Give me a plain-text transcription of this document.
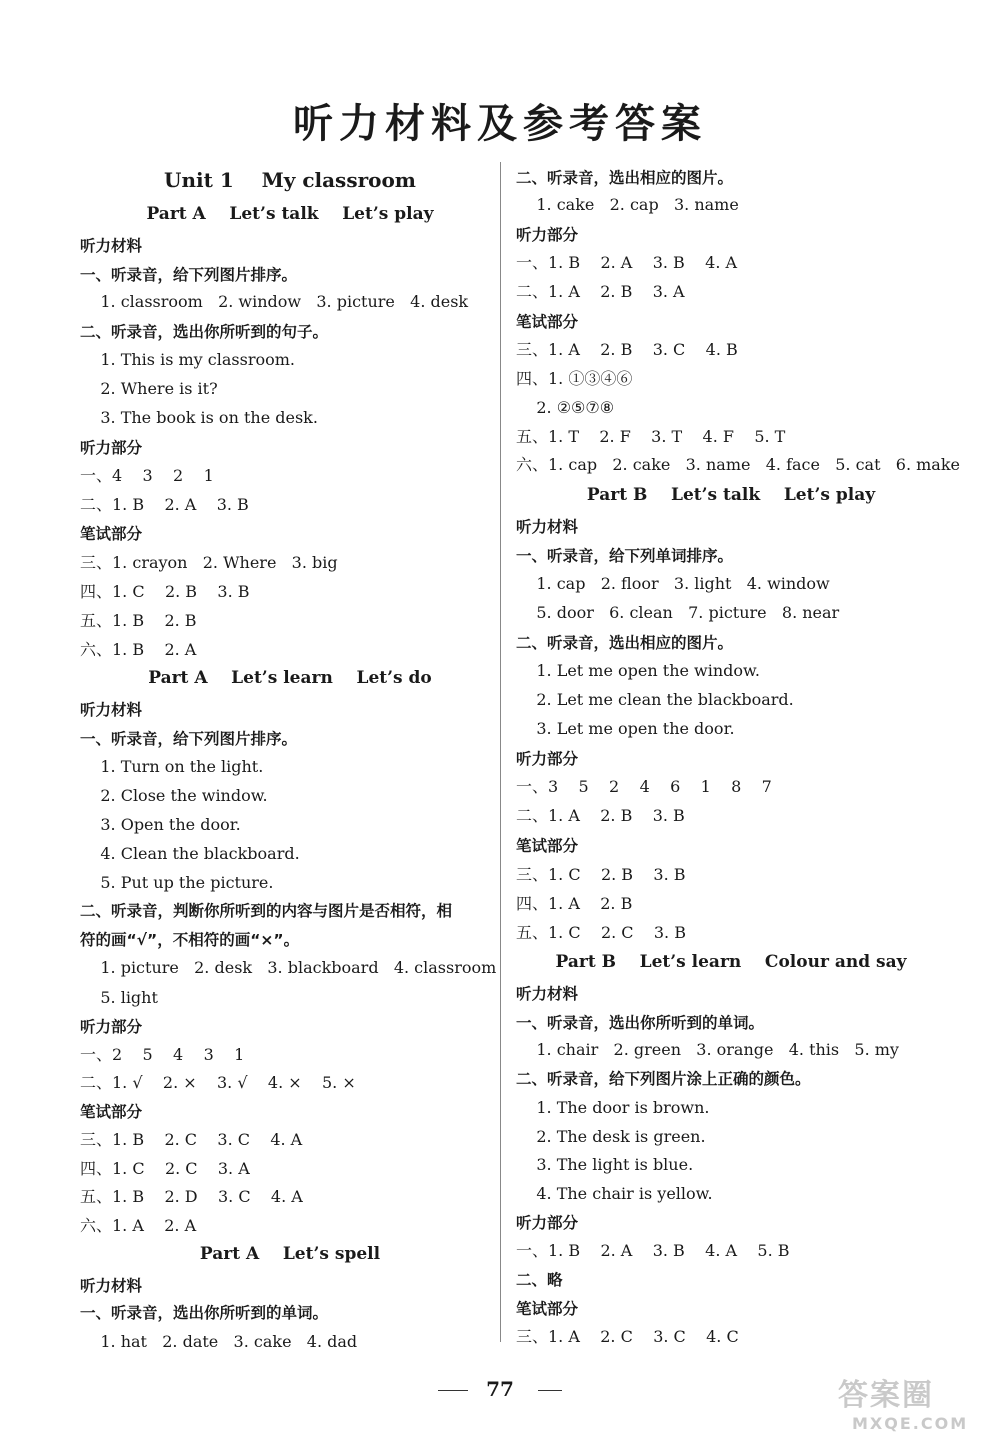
听力材料及参考答案
Unit 1    My classroom
Part A    Let’s talk    Let’s play
听力材料
一、听录音，给下列图片排序。
1. classroom   2. window   3. picture   4. desk
二、听录音，选出你所听到的句子。
1. This is my classroom.
2. Where is it?
3. The book is on the desk.
听力部分
一、4    3    2    1
二、1. B    2. A    3. B
笔试部分
三、1. crayon   2. Where   3. big
四、1. C    2. B    3. B
五、1. B    2. B
六、1. B    2. A
Part A    Let’s learn    Let’s do
听力材料
一、听录音，给下列图片排序。
1. Turn on the light.
2. Close the window.
3. Open the door.
4. Clean the blackboard.
5. Put up the picture.
二、听录音，判断你所听到的内容与图片是否相符，相
符的画“√”，不相符的画“×”。
1. picture   2. desk   3. blackboard   4. classroom
5. light
听力部分
一、2    5    4    3    1
二、1. √    2. ×    3. √    4. ×    5. ×
笔试部分
三、1. B    2. C    3. C    4. A
四、1. C    2. C    3. A
五、1. B    2. D    3. C    4. A
六、1. A    2. A
Part A    Let’s spell
听力材料
一、听录音，选出你所听到的单词。
1. hat   2. date   3. cake   4. dad
二、听录音，选出相应的图片。
1. cake   2. cap   3. name
听力部分
一、1. B    2. A    3. B    4. A
二、1. A    2. B    3. A
笔试部分
三、1. A    2. B    3. C    4. B
四、1. ①③④⑥
2. ②⑤⑦⑧
五、1. T    2. F    3. T    4. F    5. T
六、1. cap   2. cake   3. name   4. face   5. cat   6. make
Part B    Let’s talk    Let’s play
听力材料
一、听录音，给下列单词排序。
1. cap   2. floor   3. light   4. window
5. door   6. clean   7. picture   8. near
二、听录音，选出相应的图片。
1. Let me open the window.
2. Let me clean the blackboard.
3. Let me open the door.
听力部分
一、3    5    2    4    6    1    8    7
二、1. A    2. B    3. B
笔试部分
三、1. C    2. B    3. B
四、1. A    2. B
五、1. C    2. C    3. B
Part B    Let’s learn    Colour and say
听力材料
一、听录音，选出你所听到的单词。
1. chair   2. green   3. orange   4. this   5. my
二、听录音，给下列图片涂上正确的颜色。
1. The door is brown.
2. The desk is green.
3. The light is blue.
4. The chair is yellow.
听力部分
一、1. B    2. A    3. B    4. A    5. B
二、略
笔试部分
三、1. A    2. C    3. C    4. C
77	答案圈
MXQE.COM
